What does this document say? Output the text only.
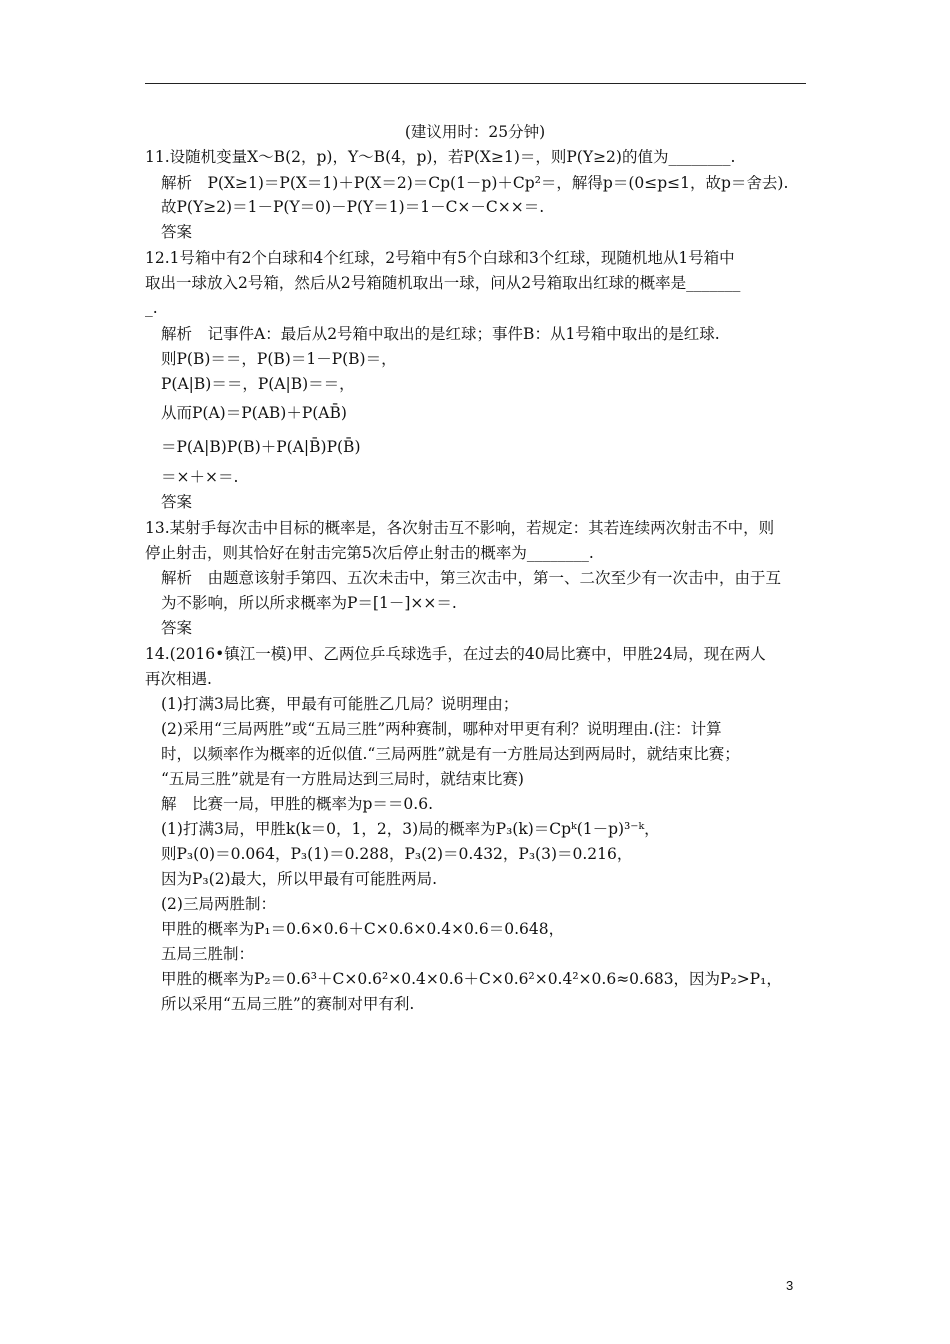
(建议用时：25分钟)
11.设随机变量X～B(2，p)，Y～B(4，p)，若P(X≥1)＝，则P(Y≥2)的值为________.
解析　P(X≥1)＝P(X＝1)＋P(X＝2)＝Cp(1－p)＋Cp²＝，解得p＝(0≤p≤1，故p＝舍去).
故P(Y≥2)＝1－P(Y＝0)－P(Y＝1)＝1－C×－C××＝.
答案
12.1号箱中有2个白球和4个红球，2号箱中有5个白球和3个红球，现随机地从1号箱中
取出一球放入2号箱，然后从2号箱随机取出一球，问从2号箱取出红球的概率是_______
_.
解析　记事件A：最后从2号箱中取出的是红球；事件B：从1号箱中取出的是红球.
则P(B)＝＝，P(B)＝1－P(B)＝，
P(A|B)＝＝，P(A|B)＝＝，
从而P(A)＝P(AB)＋P(AB̄)
＝P(A|B)P(B)＋P(A|B̄)P(B̄)
＝×＋×＝.
答案
13.某射手每次击中目标的概率是，各次射击互不影响，若规定：其若连续两次射击不中，则
停止射击，则其恰好在射击完第5次后停止射击的概率为________.
解析　由题意该射手第四、五次未击中，第三次击中，第一、二次至少有一次击中，由于互
为不影响，所以所求概率为P＝[1－]××＝.
答案
14.(2016•镇江一模)甲、乙两位乒乓球选手，在过去的40局比赛中，甲胜24局，现在两人
再次相遇.
(1)打满3局比赛，甲最有可能胜乙几局？说明理由；
(2)采用“三局两胜”或“五局三胜”两种赛制，哪种对甲更有利？说明理由.(注：计算
时，以频率作为概率的近似值.“三局两胜”就是有一方胜局达到两局时，就结束比赛；
“五局三胜”就是有一方胜局达到三局时，就结束比赛)
解　比赛一局，甲胜的概率为p＝＝0.6.
(1)打满3局，甲胜k(k＝0，1，2，3)局的概率为P₃(k)＝Cpᵏ(1－p)³⁻ᵏ，
则P₃(0)＝0.064，P₃(1)＝0.288，P₃(2)＝0.432，P₃(3)＝0.216，
因为P₃(2)最大，所以甲最有可能胜两局.
(2)三局两胜制：
甲胜的概率为P₁＝0.6×0.6＋C×0.6×0.4×0.6＝0.648，
五局三胜制：
甲胜的概率为P₂＝0.6³＋C×0.6²×0.4×0.6＋C×0.6²×0.4²×0.6≈0.683，因为P₂>P₁，
所以采用“五局三胜”的赛制对甲有利.
3
